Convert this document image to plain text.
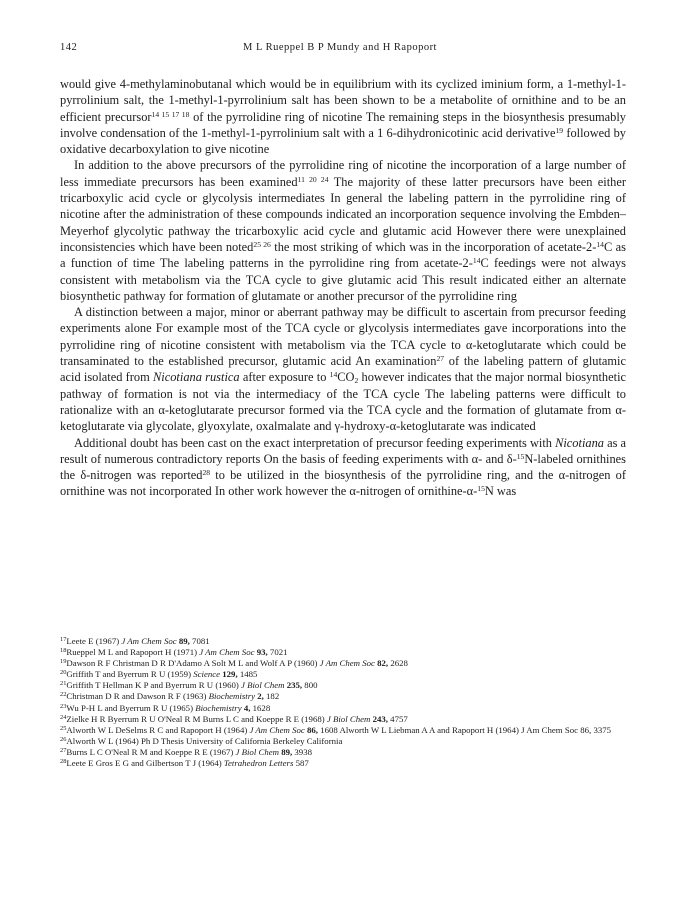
142	M L Rueppel B P Mundy and H Rapoport

would give 4-methylaminobutanal which would be in equilibrium with its cyclized iminium form, a 1-methyl-1-pyrrolinium salt, the 1-methyl-1-pyrrolinium salt has been shown to be a metabolite of ornithine and to be an efficient precursor$^{14 15 17 18}$ of the pyrrolidine ring of nicotine The remaining steps in the biosynthesis presumably involve condensation of the 1-methyl-1-pyrrolinium salt with a 1 6-dihydronicotinic acid derivative$^{19}$ followed by oxidative decarboxylation to give nicotine

In addition to the above precursors of the pyrrolidine ring of nicotine the incorporation of a large number of less immediate precursors has been examined$^{11 20 24}$ The majority of these latter precursors have been either tricarboxylic acid cycle or glycolysis intermediates In general the labeling pattern in the pyrrolidine ring of nicotine after the administration of these compounds indicated an incorporation sequence involving the Embden–Meyerhof glycolytic pathway the tricarboxylic acid cycle and glutamic acid However there were unexplained inconsistencies which have been noted$^{25 26}$ the most striking of which was in the incorporation of acetate-2-$^{14}$C as a function of time The labeling patterns in the pyrrolidine ring from acetate-2-$^{14}$C feedings were not always consistent with metabolism via the TCA cycle to give glutamic acid This result indicated either an alternate biosynthetic pathway for formation of glutamate or another precursor of the pyrrolidine ring

A distinction between a major, minor or aberrant pathway may be difficult to ascertain from precursor feeding experiments alone For example most of the TCA cycle or glycolysis intermediates gave incorporations into the pyrrolidine ring of nicotine consistent with metabolism via the TCA cycle to α-ketoglutarate which could be transaminated to the established precursor, glutamic acid An examination$^{27}$ of the labeling pattern of glutamic acid isolated from Nicotiana rustica after exposure to $^{14}CO_2$ however indicates that the major normal biosynthetic pathway of formation is not via the intermediacy of the TCA cycle The labeling patterns were difficult to rationalize with an α-ketoglutarate precursor formed via the TCA cycle and the formation of glutamate from α-ketoglutarate via glycolate, glyoxylate, oxalmalate and γ-hydroxy-α-ketoglutarate was indicated

Additional doubt has been cast on the exact interpretation of precursor feeding experiments with Nicotiana as a result of numerous contradictory reports On the basis of feeding experiments with α- and δ-$^{15}$N-labeled ornithines the δ-nitrogen was reported$^{28}$ to be utilized in the biosynthesis of the pyrrolidine ring, and the α-nitrogen of ornithine was not incorporated In other work however the α-nitrogen of ornithine-α-$^{15}$N was

$^{17}$Leete E (1967) J Am Chem Soc 89, 7081

$^{18}$Rueppel M L and Rapoport H (1971) J Am Chem Soc 93, 7021

$^{19}$Dawson R F Christman D R D'Adamo A Solt M L and Wolf A P (1960) J Am Chem Soc 82, 2628

$^{20}$Griffith T and Byerrum R U (1959) Science 129, 1485

$^{21}$Griffith T Hellman K P and Byerrum R U (1960) J Biol Chem 235, 800

$^{22}$Christman D R and Dawson R F (1963) Biochemistry 2, 182

$^{23}$Wu P-H L and Byerrum R U (1965) Biochemistry 4, 1628

$^{24}$Zielke H R Byerrum R U O'Neal R M Burns L C and Koeppe R E (1968) J Biol Chem 243, 4757

$^{25}$Alworth W L DeSelms R C and Rapoport H (1964) J Am Chem Soc 86, 1608 Alworth W L Liebman A A and Rapoport H (1964) J Am Chem Soc 86, 3375

$^{26}$Alworth W L (1964) Ph D Thesis University of California Berkeley California

$^{27}$Burns L C O'Neal R M and Koeppe R E (1967) J Biol Chem 89, 3938

$^{28}$Leete E Gros E G and Gilbertson T J (1964) Tetrahedron Letters 587
